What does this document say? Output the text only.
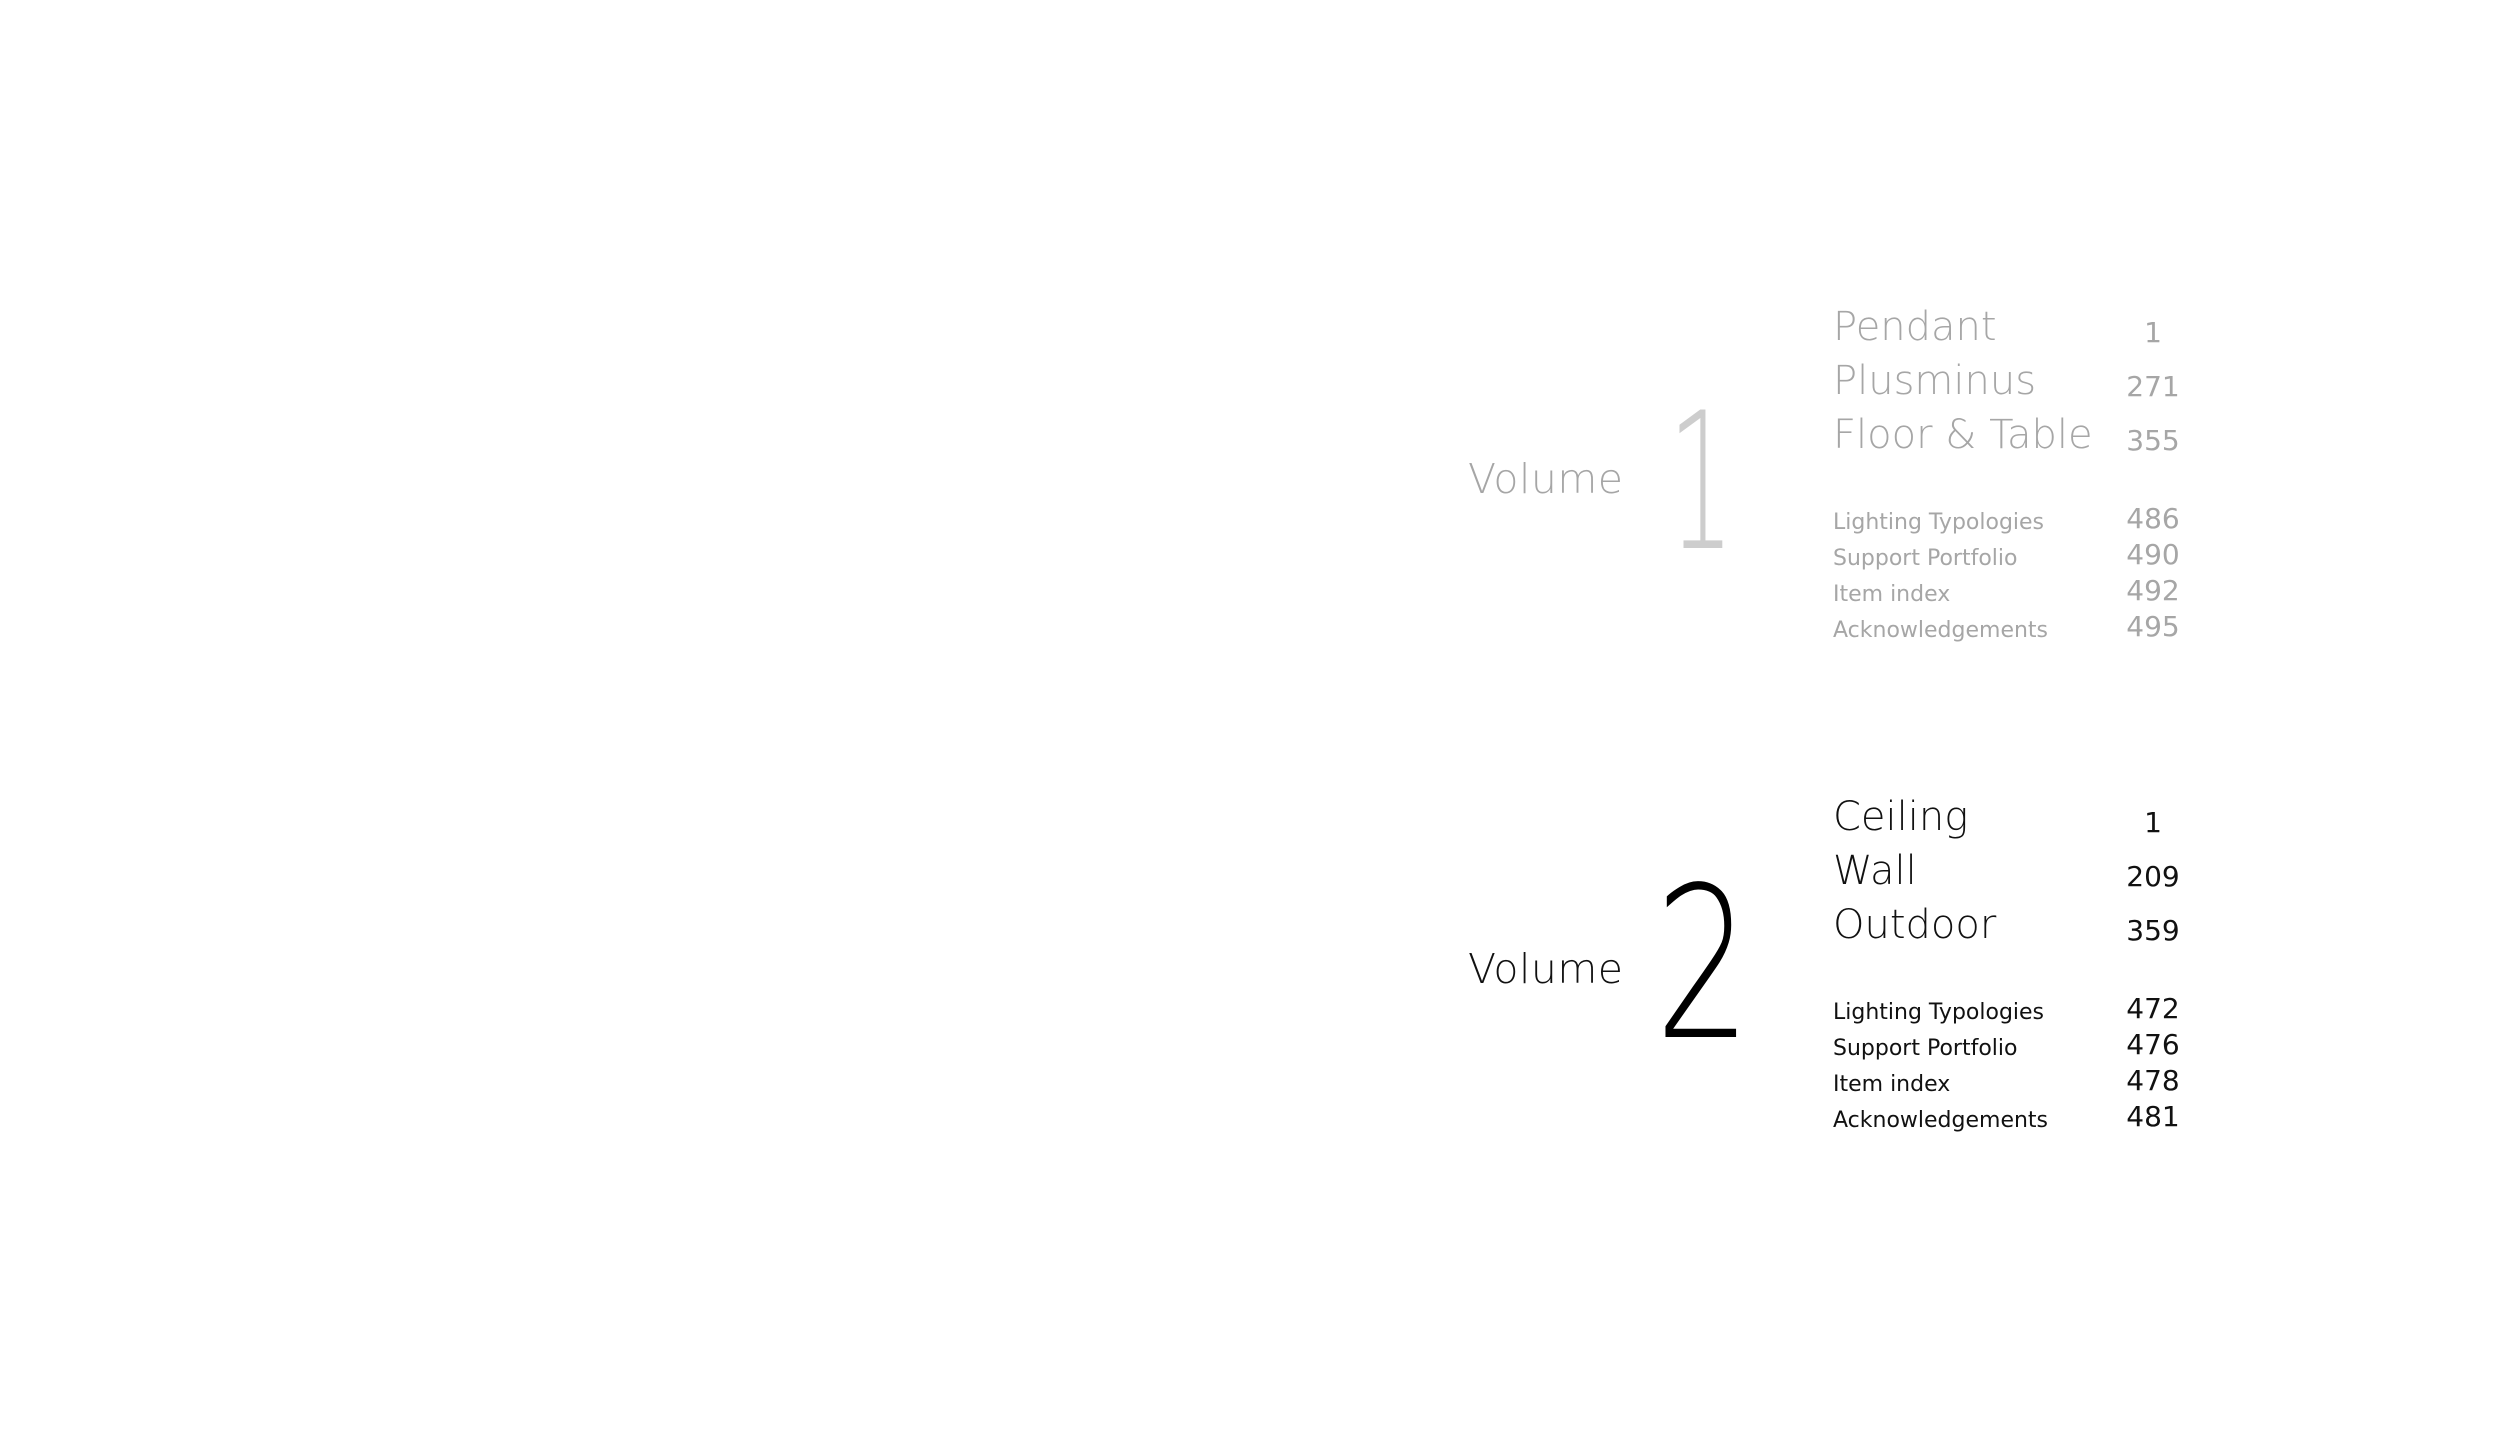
Volume 1
Pendant	1
Plusminus	271
Floor & Table	355
Lighting Typologies	486
Support Portfolio	490
Item index	492
Acknowledgements	495
Volume 2
Ceiling	1
Wall	209
Outdoor	359
Lighting Typologies	472
Support Portfolio	476
Item index	478
Acknowledgements	481
